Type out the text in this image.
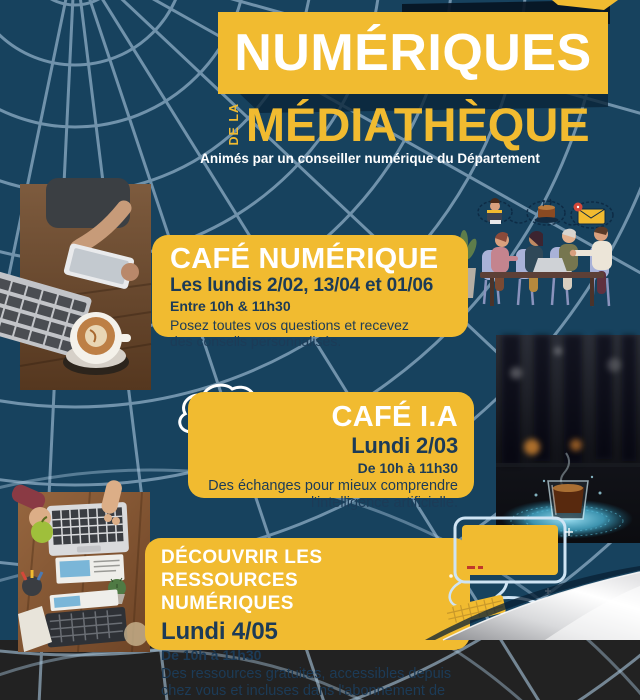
NUMÉRIQUES
DE LA MÉDIATHÈQUE
Animés par un conseiller numérique du Département
CAFÉ NUMÉRIQUE
Les lundis 2/02, 13/04 et 01/06
Entre 10h & 11h30
Posez toutes vos questions et recevez
des conseils personnalisés.
CAFÉ I.A
Lundi 2/03
De 10h à 11h30
Des échanges pour mieux comprendre
l'intelligence artificielle.
DÉCOUVRIR LES RESSOURCES
NUMÉRIQUES
Lundi 4/05
De 10h à 11h30
Des ressources gratuites, accessibles depuis
chez vous et incluses dans l'abonnement de
